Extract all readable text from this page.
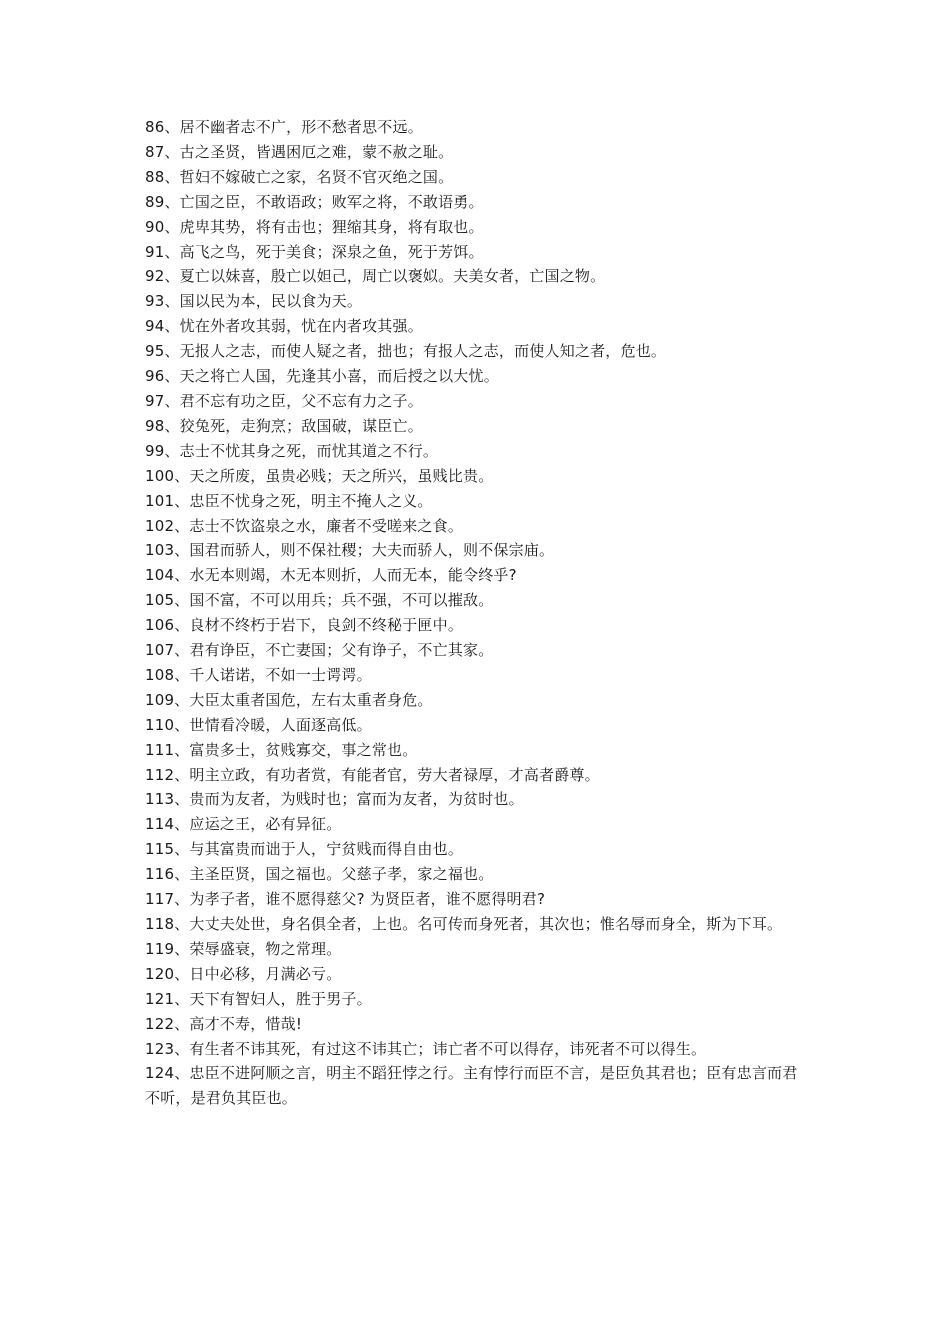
86、居不幽者志不广，形不愁者思不远。

87、古之圣贤，皆遇困厄之难，蒙不赦之耻。

88、哲妇不嫁破亡之家，名贤不官灭绝之国。

89、亡国之臣，不敢语政；败军之将，不敢语勇。

90、虎卑其势，将有击也；狸缩其身，将有取也。

91、高飞之鸟，死于美食；深泉之鱼，死于芳饵。

92、夏亡以妹喜，殷亡以妲己，周亡以褒姒。夫美女者，亡国之物。

93、国以民为本，民以食为天。

94、忧在外者攻其弱，忧在内者攻其强。

95、无报人之志，而使人疑之者，拙也；有报人之志，而使人知之者，危也。

96、天之将亡人国，先逢其小喜，而后授之以大忧。

97、君不忘有功之臣，父不忘有力之子。

98、狡兔死，走狗烹；敌国破，谋臣亡。

99、志士不忧其身之死，而忧其道之不行。

100、天之所废，虽贵必贱；天之所兴，虽贱比贵。

101、忠臣不忧身之死，明主不掩人之义。

102、志士不饮盗泉之水，廉者不受嗟来之食。

103、国君而骄人，则不保社稷；大夫而骄人，则不保宗庙。

104、水无本则竭，木无本则折，人而无本，能令终乎?

105、国不富，不可以用兵；兵不强，不可以摧敌。

106、良材不终朽于岩下，良剑不终秘于匣中。

107、君有诤臣，不亡妻国；父有诤子，不亡其家。

108、千人诺诺，不如一士谔谔。

109、大臣太重者国危，左右太重者身危。

110、世情看冷暖，人面逐高低。

111、富贵多士，贫贱寡交，事之常也。

112、明主立政，有功者赏，有能者官，劳大者禄厚，才高者爵尊。

113、贵而为友者，为贱时也；富而为友者，为贫时也。

114、应运之王，必有异征。

115、与其富贵而诎于人，宁贫贱而得自由也。

116、主圣臣贤，国之福也。父慈子孝，家之福也。

117、为孝子者，谁不愿得慈父? 为贤臣者，谁不愿得明君?

118、大丈夫处世，身名俱全者，上也。名可传而身死者，其次也；惟名辱而身全，斯为下耳。

119、荣辱盛衰，物之常理。

120、日中必移，月满必亏。

121、天下有智妇人，胜于男子。

122、高才不寿，惜哉!

123、有生者不讳其死，有过这不讳其亡；讳亡者不可以得存，讳死者不可以得生。

124、忠臣不进阿顺之言，明主不蹈狂悖之行。主有悖行而臣不言，是臣负其君也；臣有忠言而君不听，是君负其臣也。
